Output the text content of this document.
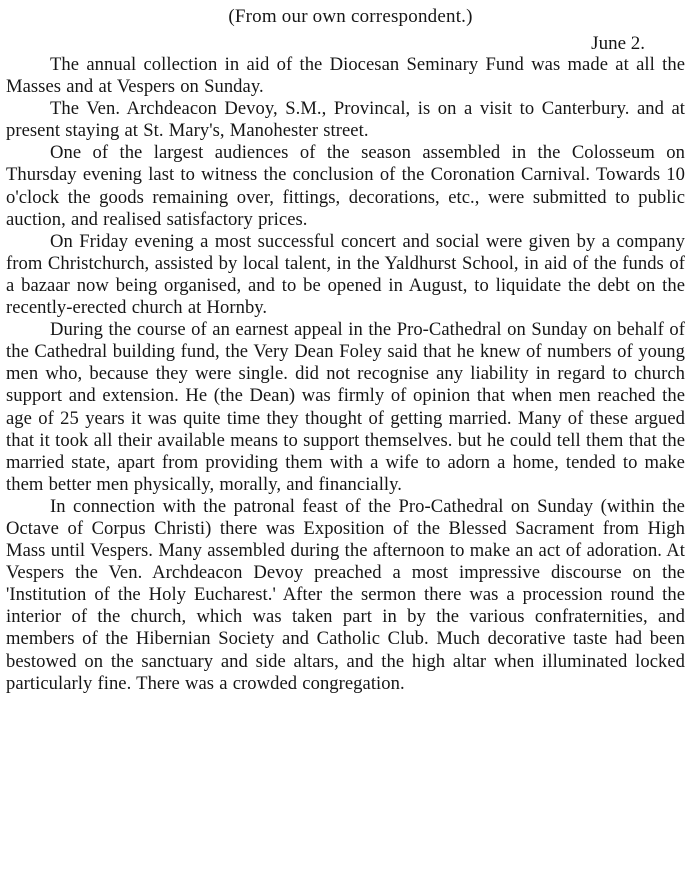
(From our own correspondent.)

June 2.

The annual collection in aid of the Diocesan Seminary Fund was made at all the Masses and at Vespers on Sunday.

The Ven. Archdeacon Devoy, S.M., Provincal, is on a visit to Canterbury. and at present staying at St. Mary's, Manohester street.

One of the largest audiences of the season assembled in the Colosseum on Thursday evening last to witness the conclusion of the Coronation Carnival. Towards 10 o'clock the goods remaining over, fittings, decorations, etc., were submitted to public auction, and realised satisfactory prices.

On Friday evening a most successful concert and social were given by a company from Christchurch, assisted by local talent, in the Yaldhurst School, in aid of the funds of a bazaar now being organised, and to be opened in August, to liquidate the debt on the recently-erected church at Hornby.

During the course of an earnest appeal in the Pro-Cathedral on Sunday on behalf of the Cathedral building fund, the Very Dean Foley said that he knew of numbers of young men who, because they were single. did not recognise any liability in regard to church support and extension. He (the Dean) was firmly of opinion that when men reached the age of 25 years it was quite time they thought of getting married. Many of these argued that it took all their available means to support themselves. but he could tell them that the married state, apart from providing them with a wife to adorn a home, tended to make them better men physically, morally, and financially.

In connection with the patronal feast of the Pro-Cathedral on Sunday (within the Octave of Corpus Christi) there was Exposition of the Blessed Sacrament from High Mass until Vespers. Many assembled during the afternoon to make an act of adoration. At Vespers the Ven. Archdeacon Devoy preached a most impressive discourse on the 'Institution of the Holy Eucharest.' After the sermon there was a procession round the interior of the church, which was taken part in by the various confraternities, and members of the Hibernian Society and Catholic Club. Much decorative taste had been bestowed on the sanctuary and side altars, and the high altar when illuminated locked particularly fine. There was a crowded congregation.
